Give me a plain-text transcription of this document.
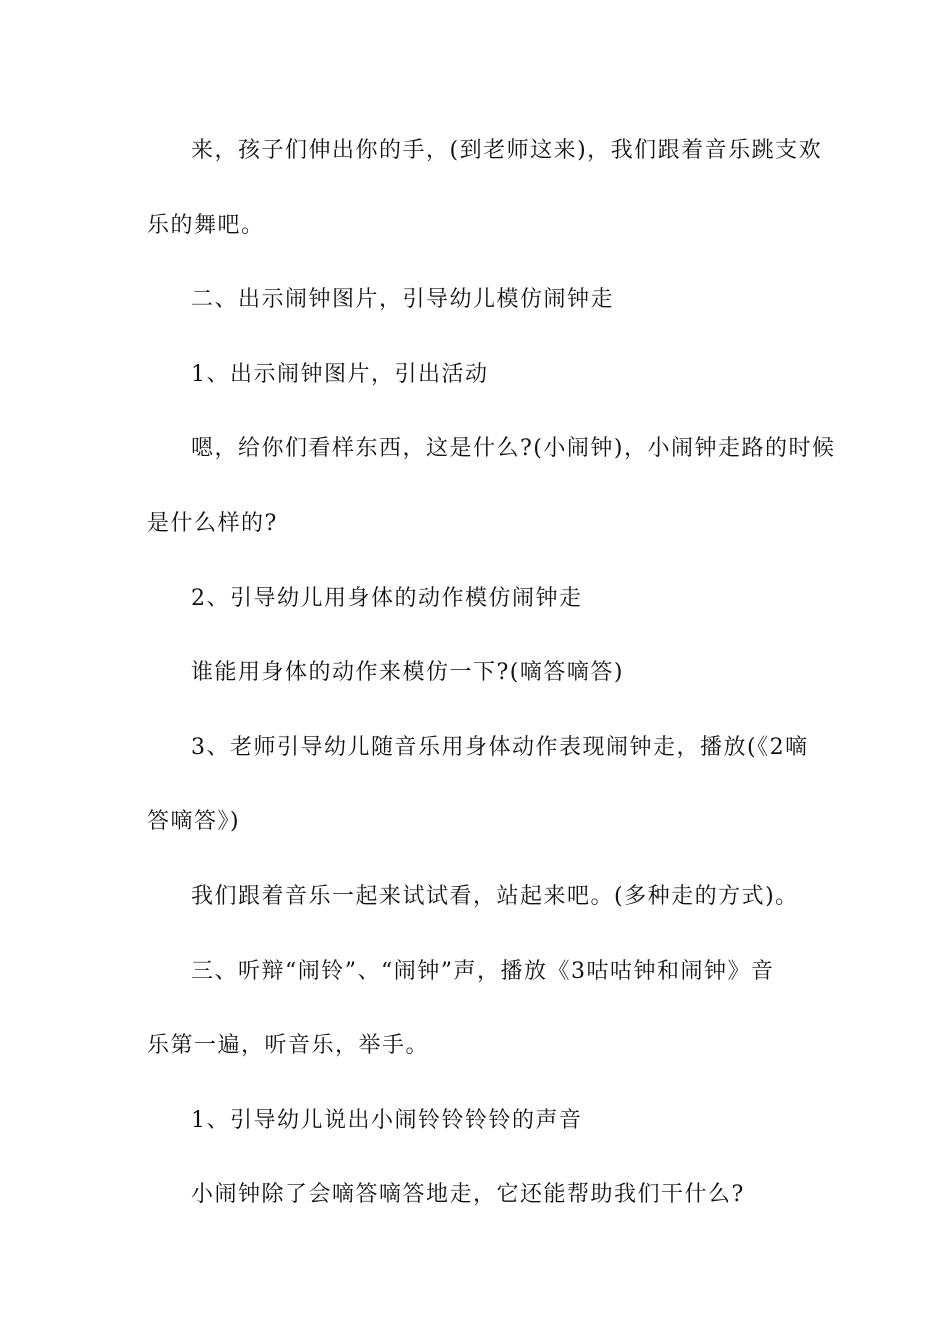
来，孩子们伸出你的手，(到老师这来)，我们跟着音乐跳支欢
乐的舞吧。
二、出示闹钟图片，引导幼儿模仿闹钟走
1、出示闹钟图片，引出活动
嗯，给你们看样东西，这是什么?(小闹钟)，小闹钟走路的时候
是什么样的?
2、引导幼儿用身体的动作模仿闹钟走
谁能用身体的动作来模仿一下?(嘀答嘀答)
3、老师引导幼儿随音乐用身体动作表现闹钟走，播放(《2嘀
答嘀答》)
我们跟着音乐一起来试试看，站起来吧。(多种走的方式)。
三、听辩“闹铃”、“闹钟”声，播放《3咕咕钟和闹钟》音
乐第一遍，听音乐，举手。
1、引导幼儿说出小闹铃铃铃铃的声音
小闹钟除了会嘀答嘀答地走，它还能帮助我们干什么?
